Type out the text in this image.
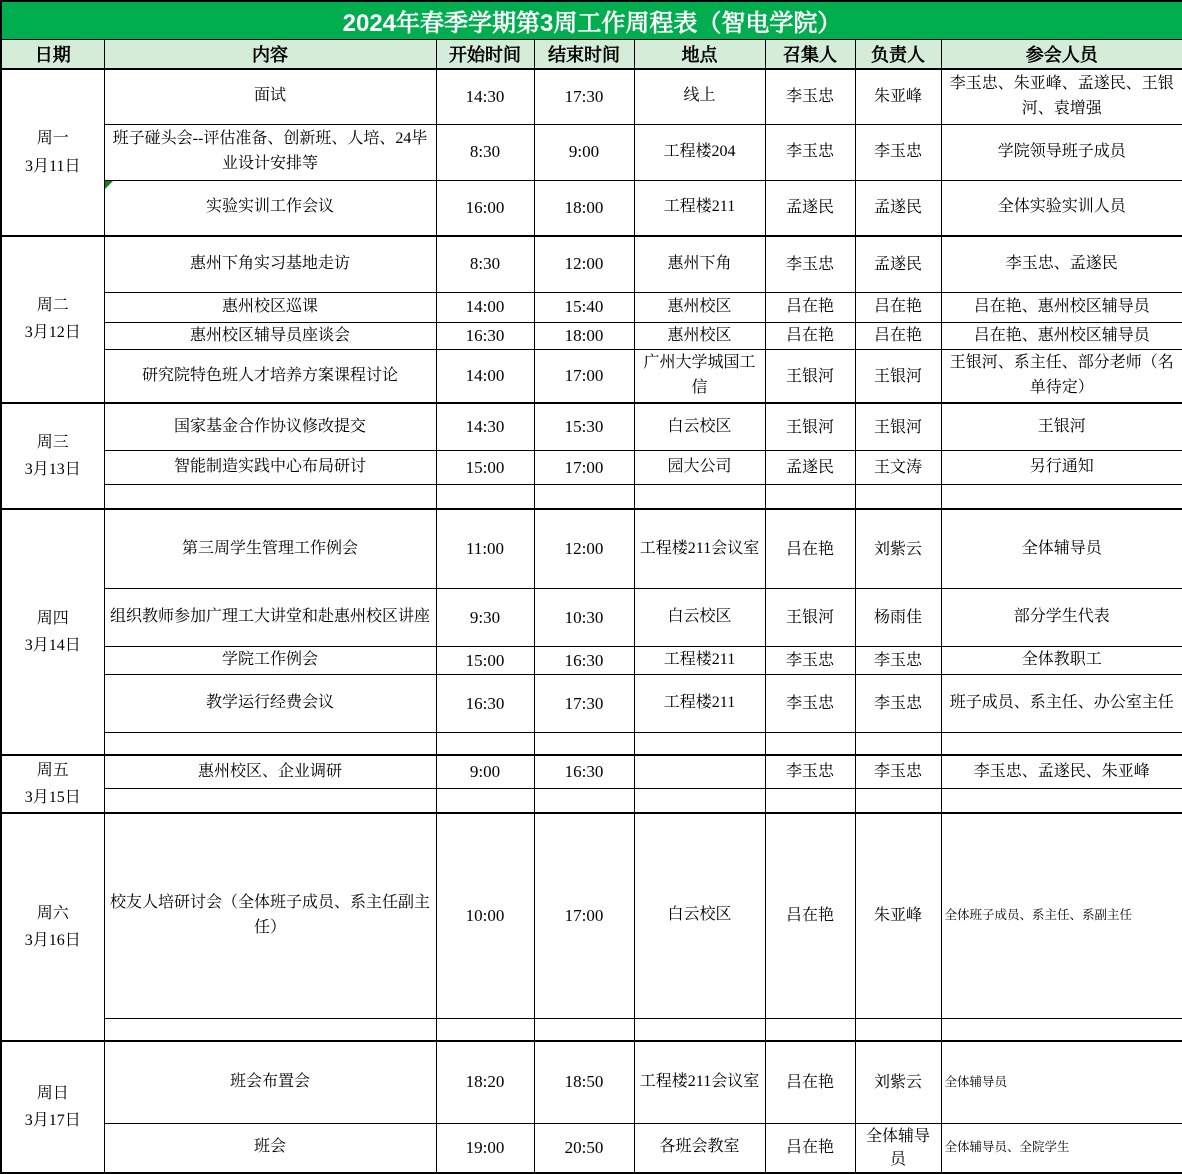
2024年春季学期第3周工作周程表（智电学院）							
日期	内容	开始时间	结束时间	地点	召集人	负责人	参会人员

周一
3月11日	面试	14:30	17:30	线上	李玉忠	朱亚峰	李玉忠、朱亚峰、孟遂民、王银河、袁增强
	班子碰头会--评估准备、创新班、人培、24毕业设计安排等	8:30	9:00	工程楼204	李玉忠	李玉忠	学院领导班子成员
	实验实训工作会议	16:00	18:00	工程楼211	孟遂民	孟遂民	全体实验实训人员

周二
3月12日	惠州下角实习基地走访	8:30	12:00	惠州下角	李玉忠	孟遂民	李玉忠、孟遂民
	惠州校区巡课	14:00	15:40	惠州校区	吕在艳	吕在艳	吕在艳、惠州校区辅导员
	惠州校区辅导员座谈会	16:30	18:00	惠州校区	吕在艳	吕在艳	吕在艳、惠州校区辅导员
	研究院特色班人才培养方案课程讨论	14:00	17:00	广州大学城国工信	王银河	王银河	王银河、系主任、部分老师（名单待定）

周三
3月13日	国家基金合作协议修改提交	14:30	15:30	白云校区	王银河	王银河	王银河
	智能制造实践中心布局研讨	15:00	17:00	园大公司	孟遂民	王文涛	另行通知

周四
3月14日	第三周学生管理工作例会	11:00	12:00	工程楼211会议室	吕在艳	刘紫云	全体辅导员
	组织教师参加广理工大讲堂和赴惠州校区讲座	9:30	10:30	白云校区	王银河	杨雨佳	部分学生代表
	学院工作例会	15:00	16:30	工程楼211	李玉忠	李玉忠	全体教职工
	教学运行经费会议	16:30	17:30	工程楼211	李玉忠	李玉忠	班子成员、系主任、办公室主任

周五
3月15日	惠州校区、企业调研	9:00	16:30		李玉忠	李玉忠	李玉忠、孟遂民、朱亚峰

周六
3月16日	校友人培研讨会（全体班子成员、系主任副主任）	10:00	17:00	白云校区	吕在艳	朱亚峰	全体班子成员、系主任、系副主任

周日
3月17日	班会布置会	18:20	18:50	工程楼211会议室	吕在艳	刘紫云	全体辅导员
	班会	19:00	20:50	各班会教室	吕在艳	全体辅导员	全体辅导员、全院学生
